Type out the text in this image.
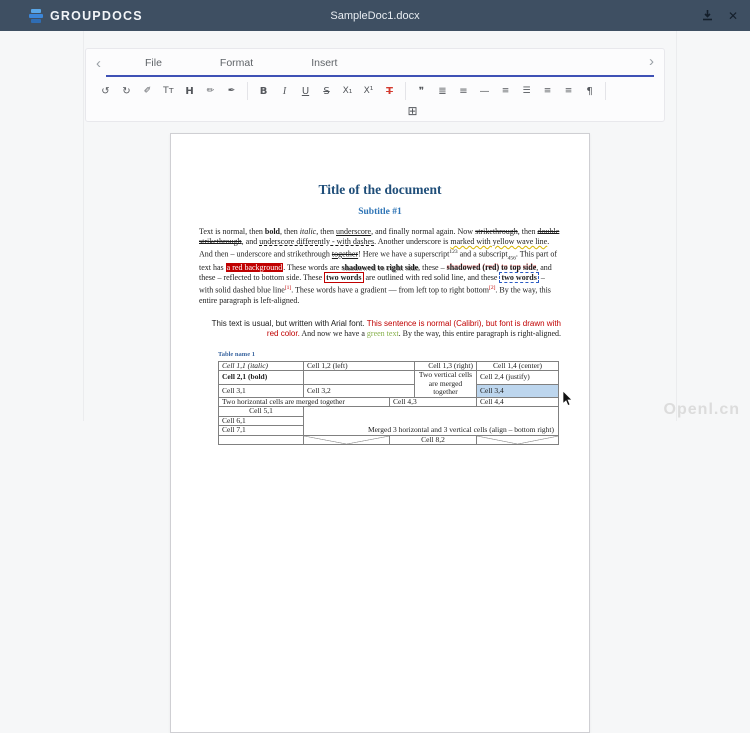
GROUPDOCS	SampleDoc1.docx	✕
‹	File	Format	Insert	›
↺ ↻ ✐ Tт H ✏ ✒ B I U S X₁ X¹ T	❞ ≣ ≡ — ≡ ☰ ≡ ≡ ¶
⊞
Title of the document
Subtitle #1

Text is normal, then bold, then italic, then underscore, and finally normal again. Now strikethrough, then double strikethrough, and underscore differently - with dashes. Another underscore is marked with yellow wave line. And then – underscore and strikethrough together! Here we have a superscript$^{123}$ and a subscript$_{456}$. This part of text has a red background. These words are shadowed to right side, these – shadowed (red) to top side, and these – reflected to bottom side. These two words are outlined with red solid line, and these two words – with solid dashed blue line[1]. These words have a gradient — from left top to right bottom[2]. By the way, this entire paragraph is left-aligned.

This text is usual, but written with Arial font. This sentence is normal (Calibri), but font is drawn with red color. And now we have a green text. By the way, this entire paragraph is right-aligned.

Table name 1
Cell 1,1 (italic)	Cell 1,2 (left)		Cell 1,3 (right)	Cell 1,4 (center)
Cell 2,1 (bold)			Two vertical cells are merged together	Cell 2,4 (justify)
Cell 3,1	Cell 3,2			Cell 3,4
Two horizontal cells are merged together		Cell 4,3		Cell 4,4
Cell 5,1	Merged 3 horizontal and 3 vertical cells (align – bottom right)			
Cell 6,1				
Cell 7,1				
		Cell 8,2		
Openl.cn
